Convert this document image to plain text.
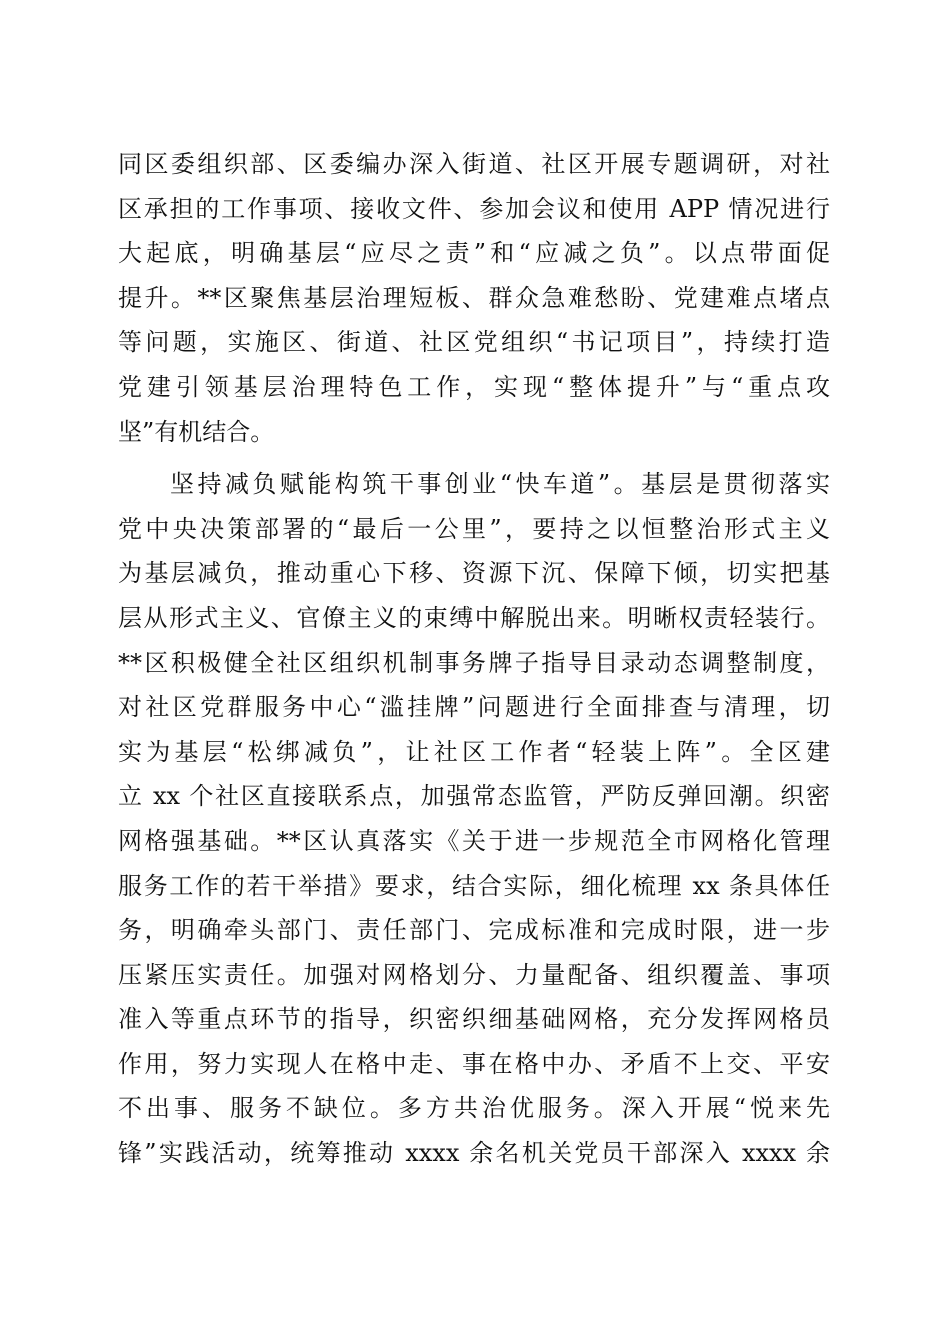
同区委组织部、区委编办深入街道、社区开展专题调研，对社
区承担的工作事项、接收文件、参加会议和使用 APP 情况进行
大起底，明确基层“应尽之责”和“应减之负”。以点带面促
提升。**区聚焦基层治理短板、群众急难愁盼、党建难点堵点
等问题，实施区、街道、社区党组织“书记项目”，持续打造
党建引领基层治理特色工作，实现“整体提升”与“重点攻
坚”有机结合。
坚持减负赋能构筑干事创业“快车道”。基层是贯彻落实
党中央决策部署的“最后一公里”，要持之以恒整治形式主义
为基层减负，推动重心下移、资源下沉、保障下倾，切实把基
层从形式主义、官僚主义的束缚中解脱出来。明晰权责轻装行。
**区积极健全社区组织机制事务牌子指导目录动态调整制度，
对社区党群服务中心“滥挂牌”问题进行全面排查与清理，切
实为基层“松绑减负”，让社区工作者“轻装上阵”。全区建
立 xx 个社区直接联系点，加强常态监管，严防反弹回潮。织密
网格强基础。**区认真落实《关于进一步规范全市网格化管理
服务工作的若干举措》要求，结合实际，细化梳理 xx 条具体任
务，明确牵头部门、责任部门、完成标准和完成时限，进一步
压紧压实责任。加强对网格划分、力量配备、组织覆盖、事项
准入等重点环节的指导，织密织细基础网格，充分发挥网格员
作用，努力实现人在格中走、事在格中办、矛盾不上交、平安
不出事、服务不缺位。多方共治优服务。深入开展“悦来先
锋”实践活动，统筹推动 xxxx 余名机关党员干部深入 xxxx 余
